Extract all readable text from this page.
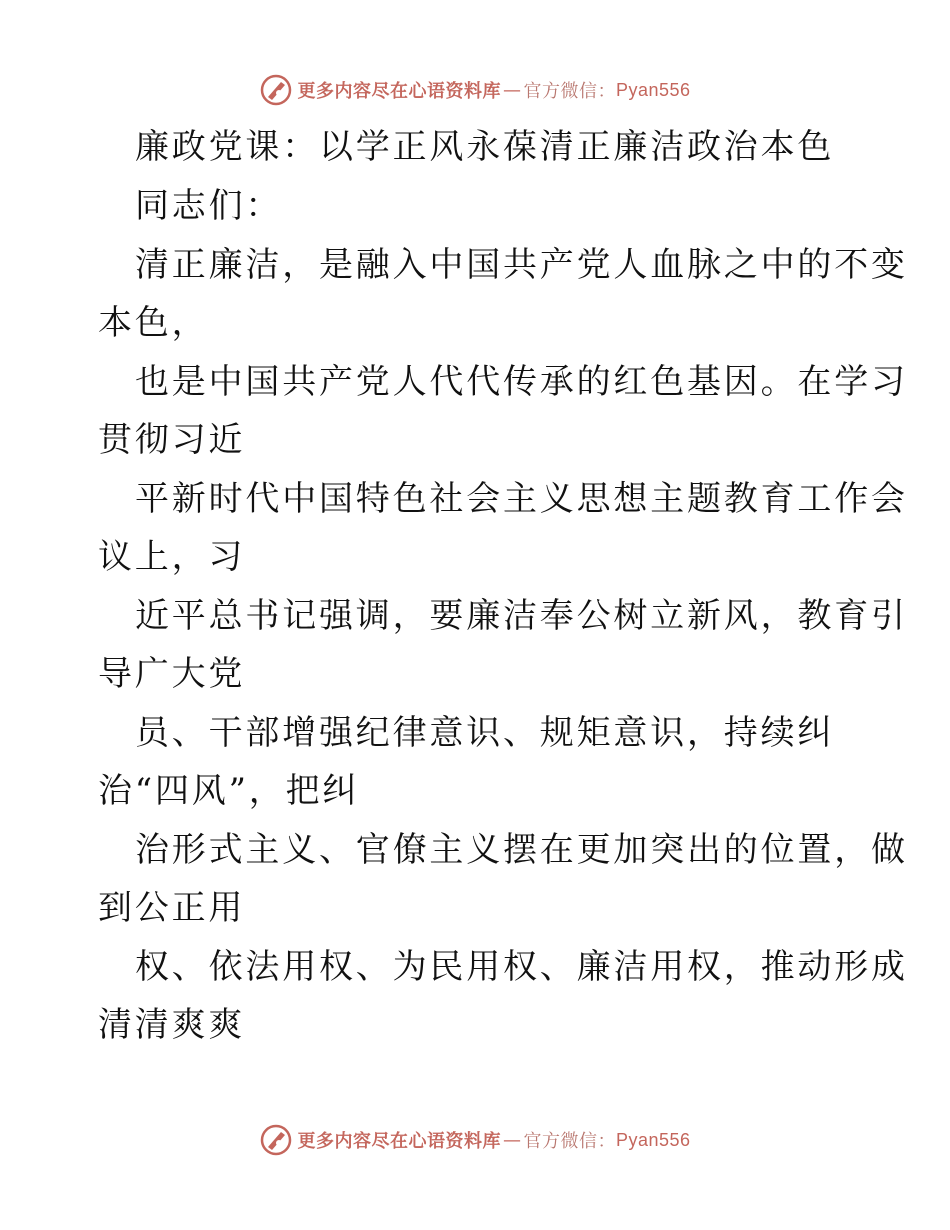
更多内容尽在心语资料库 — 官方微信： Pyan556
廉政党课：以学正风永葆清正廉洁政治本色
同志们：
清正廉洁，是融入中国共产党人血脉之中的不变
本色，
也是中国共产党人代代传承的红色基因。在学习
贯彻习近
平新时代中国特色社会主义思想主题教育工作会
议上，习
近平总书记强调，要廉洁奉公树立新风，教育引
导广大党
员、干部增强纪律意识、规矩意识，持续纠
治“四风”，把纠
治形式主义、官僚主义摆在更加突出的位置，做
到公正用
权、依法用权、为民用权、廉洁用权，推动形成
清清爽爽
更多内容尽在心语资料库 — 官方微信： Pyan556
